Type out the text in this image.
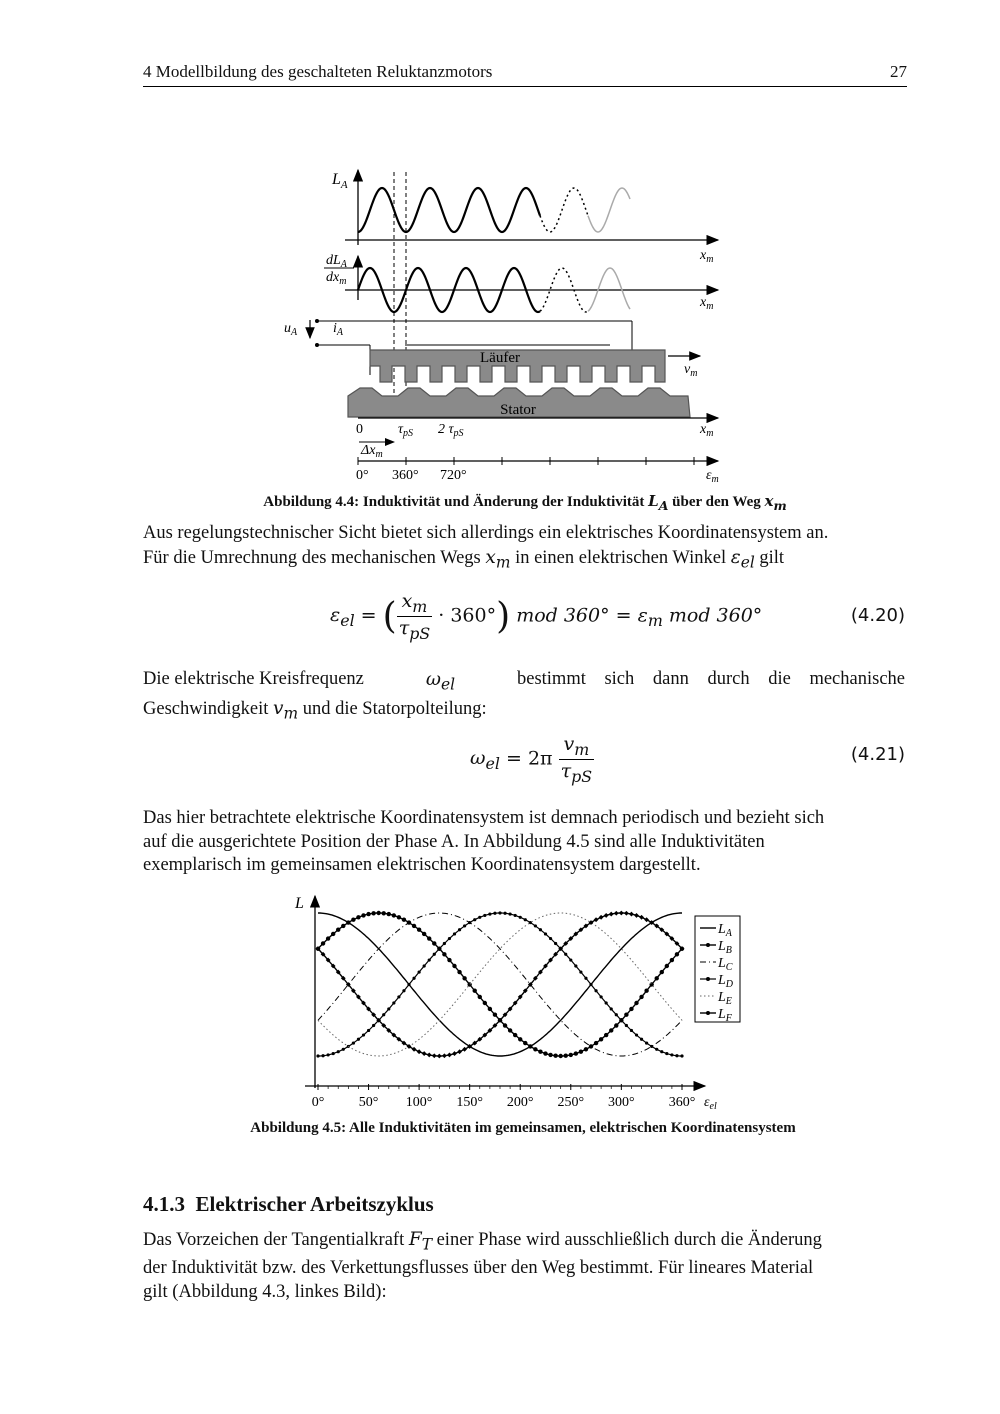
4 Modellbildung des geschalteten Reluktanzmotors	27
$L_A$
$x_m$
$dL_A$
$dx_m$
$x_m$
$u_A$	$i_A$
Läufer
$v_m$
Stator
0	$\tau_{pS}$ 2 $\tau_{pS}$	$x_m$
$\Delta x_m$
0° 360° 720°	$\varepsilon_m$
Abbildung 4.4: Induktivität und Änderung der Induktivität $L_A$ über den Weg $x_m$
Aus regelungstechnischer Sicht bietet sich allerdings ein elektrisches Koordinatensystem an.
Für die Umrechnung des mechanischen Wegs $x_m$ in einen elektrischen Winkel $\varepsilon_{el}$ gilt
$\varepsilon_{el}$ = ( $\frac{x_m}{\tau_{pS}} \cdot 360^\circ$) mod $360^\circ = \varepsilon_m$ mod 360°	(4.20)
Die elektrische Kreisfrequenz	$\omega_{el}$	bestimmt sich dann durch die mechanische
Geschwindigkeit $v_m$ und die Statorpolteilung:
$\omega_{el} = 2\pi \frac{v_m}{\tau_{pS}}$	(4.21)
Das hier betrachtete elektrische Koordinatensystem ist demnach periodisch und bezieht sich
auf die ausgerichtete Position der Phase A. In Abbildung 4.5 sind alle Induktivitäten
exemplarisch im gemeinsamen elektrischen Koordinatensystem dargestellt.
L
0° 50° 100° 150° 200° 250° 300° 360° $\varepsilon_{el}$
$L_A$
$L_B$
$L_C$
$L_D$
$L_E$
$L_F$
Abbildung 4.5: Alle Induktivitäten im gemeinsamen, elektrischen Koordinatensystem
4.1.3 Elektrischer Arbeitszyklus
Das Vorzeichen der Tangentialkraft $F_T$ einer Phase wird ausschließlich durch die Änderung
der Induktivität bzw. des Verkettungsflusses über den Weg bestimmt. Für lineares Material
gilt (Abbildung 4.3, linkes Bild):
